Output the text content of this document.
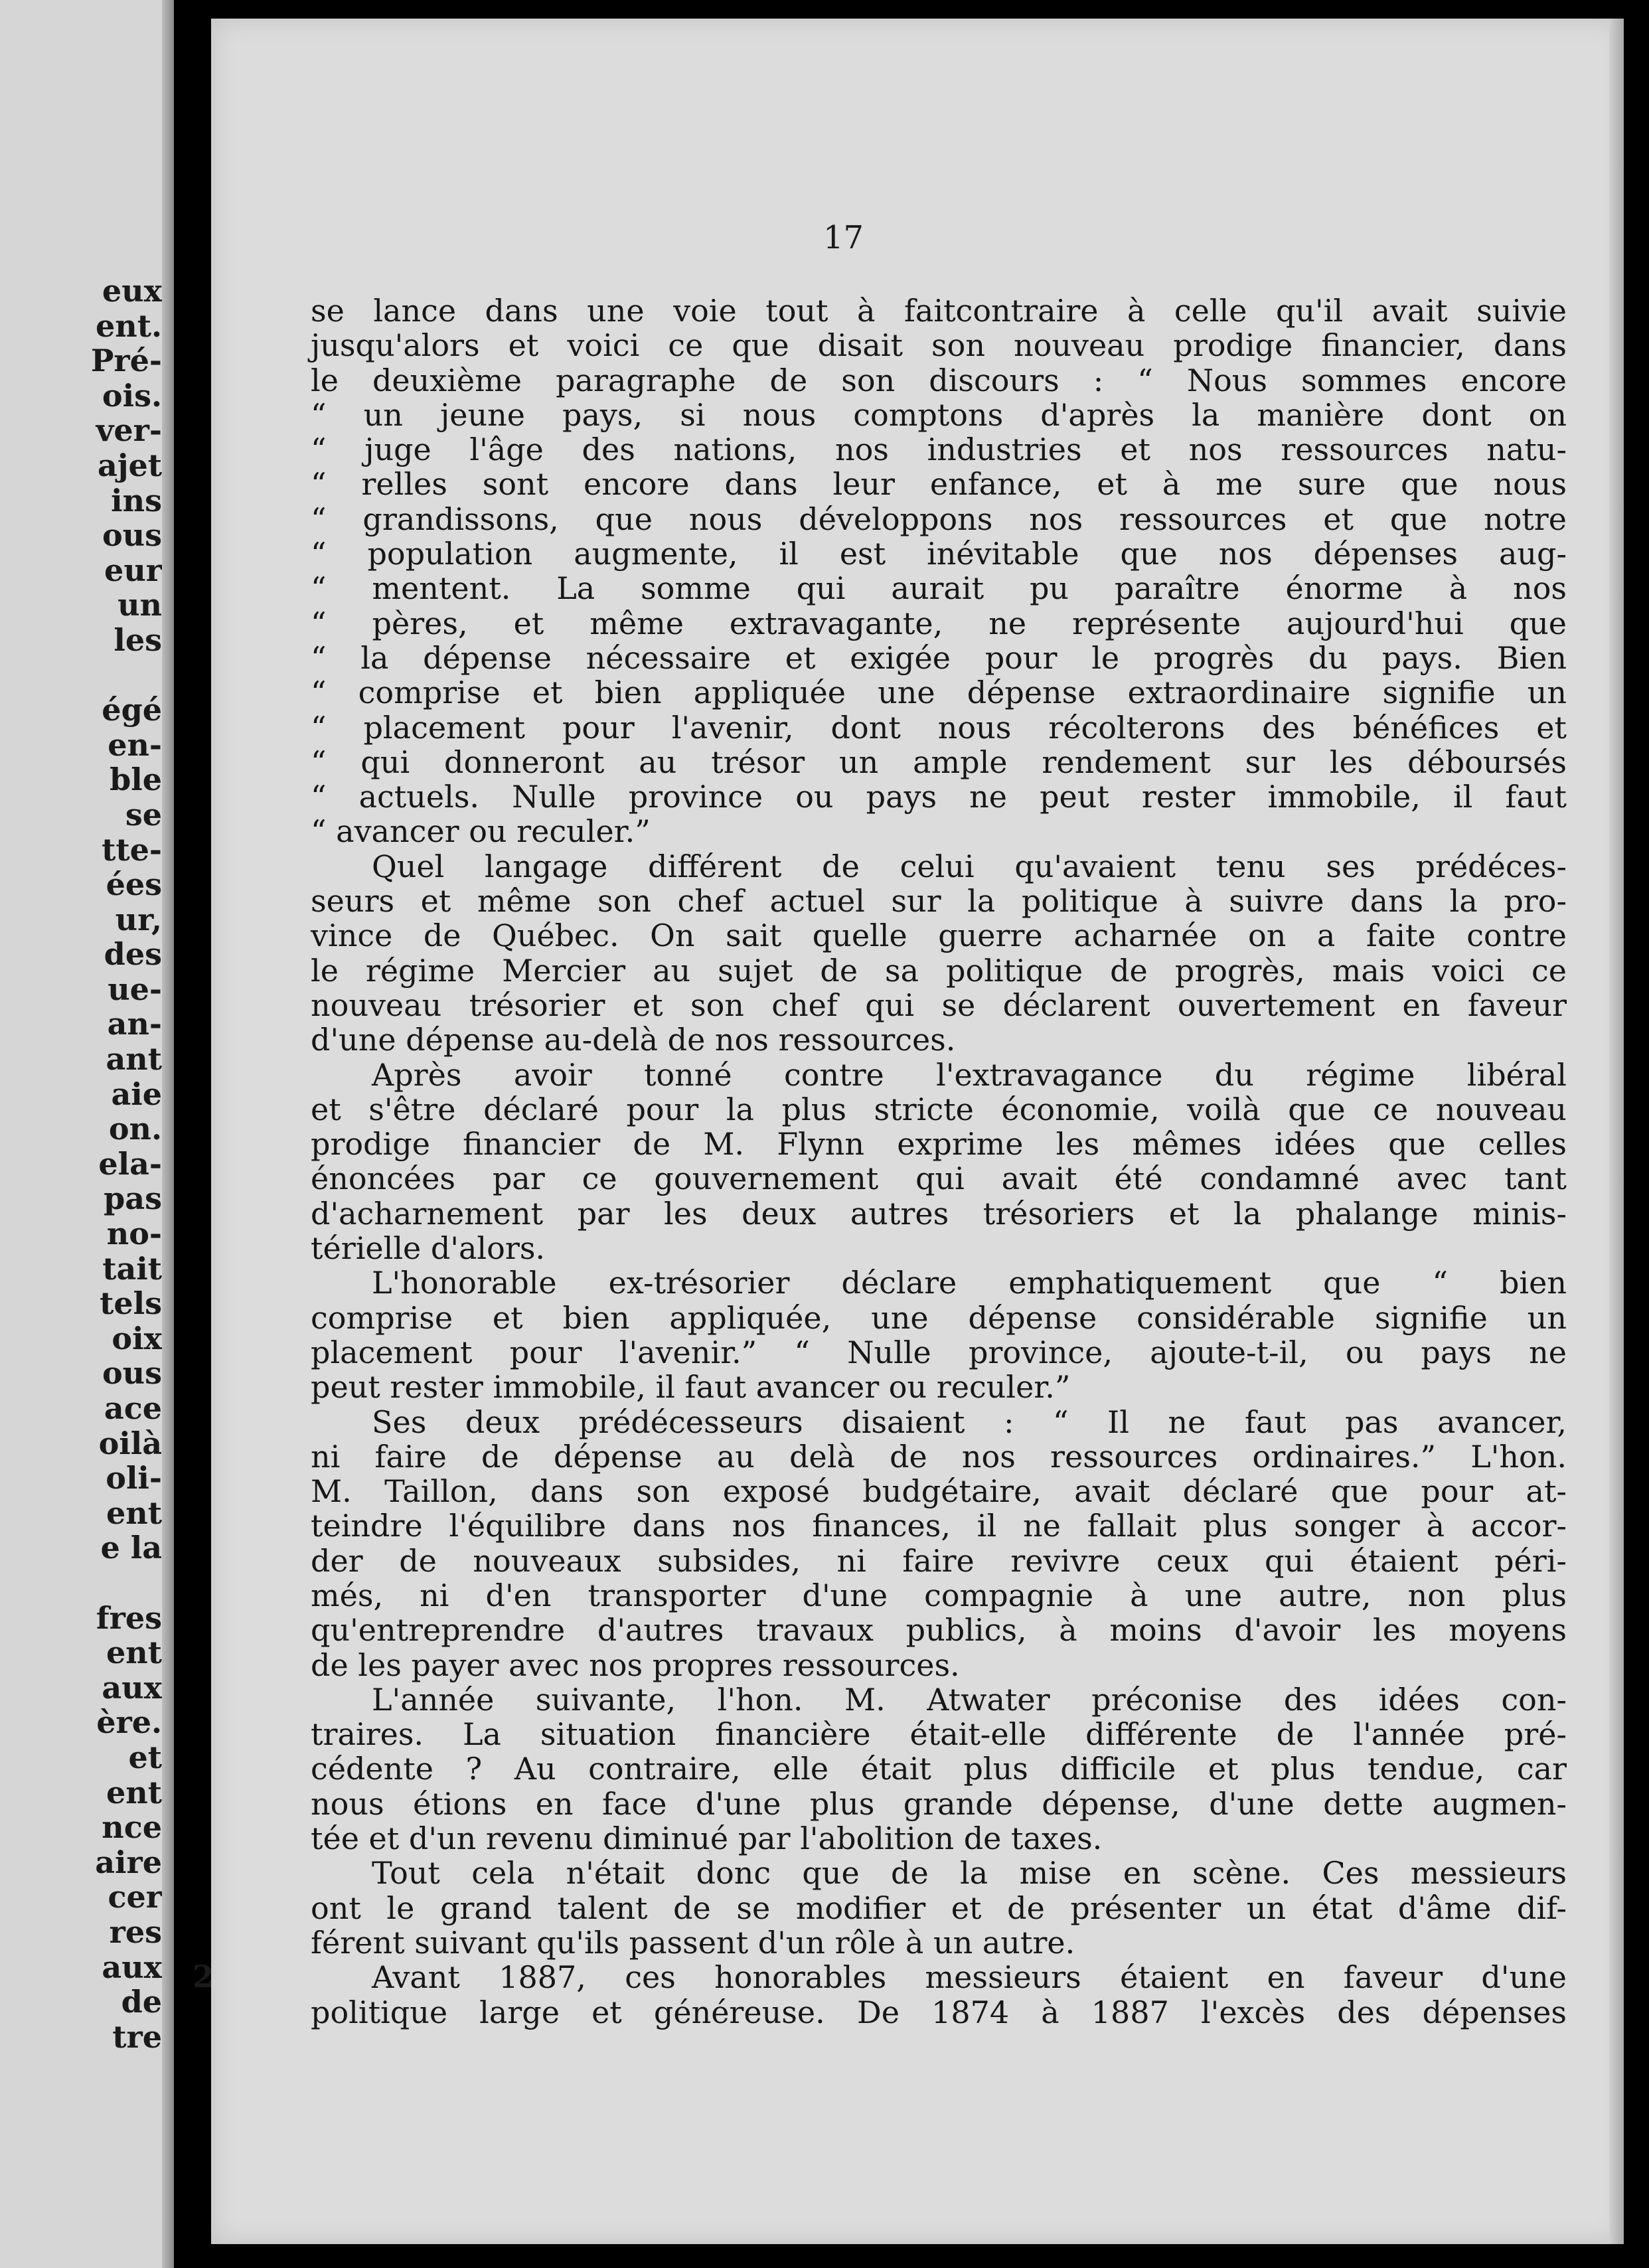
eux
ent.
Pré-
ois.
ver-
ajet
ins
ous
eur
un
les
égé
en-
ble
se
tte-
ées
ur,
des
ue-
an-
ant
aie
on.
ela-
pas
no-
tait
tels
oix
ous
ace
oilà
oli-
ent
e la
fres
ent
aux
ère.
et
ent
nce
aire
cer
res
aux
de
tre
17
se lance dans une voie tout à faitcontraire à celle qu'il avait suivie
jusqu'alors et voici ce que disait son nouveau prodige financier, dans
le deuxième paragraphe de son discours : “ Nous sommes encore
“ un jeune pays, si nous comptons d'après la manière dont on
“ juge l'âge des nations, nos industries et nos ressources natu-
“ relles sont encore dans leur enfance, et à me sure que nous
“ grandissons, que nous développons nos ressources et que notre
“ population augmente, il est inévitable que nos dépenses aug-
“ mentent. La somme qui aurait pu paraître énorme à nos
“ pères, et même extravagante, ne représente aujourd'hui que
“ la dépense nécessaire et exigée pour le progrès du pays. Bien
“ comprise et bien appliquée une dépense extraordinaire signifie un
“ placement pour l'avenir, dont nous récolterons des bénéfices et
“ qui donneront au trésor un ample rendement sur les déboursés
“ actuels. Nulle province ou pays ne peut rester immobile, il faut
“ avancer ou reculer.”
Quel langage différent de celui qu'avaient tenu ses prédéces-
seurs et même son chef actuel sur la politique à suivre dans la pro-
vince de Québec. On sait quelle guerre acharnée on a faite contre
le régime Mercier au sujet de sa politique de progrès, mais voici ce
nouveau trésorier et son chef qui se déclarent ouvertement en faveur
d'une dépense au-delà de nos ressources.
Après avoir tonné contre l'extravagance du régime libéral
et s'être déclaré pour la plus stricte économie, voilà que ce nouveau
prodige financier de M. Flynn exprime les mêmes idées que celles
énoncées par ce gouvernement qui avait été condamné avec tant
d'acharnement par les deux autres trésoriers et la phalange minis-
térielle d'alors.
L'honorable ex-trésorier déclare emphatiquement que “ bien
comprise et bien appliquée, une dépense considérable signifie un
placement pour l'avenir.” “ Nulle province, ajoute-t-il, ou pays ne
peut rester immobile, il faut avancer ou reculer.”
Ses deux prédécesseurs disaient : “ Il ne faut pas avancer,
ni faire de dépense au delà de nos ressources ordinaires.” L'hon.
M. Taillon, dans son exposé budgétaire, avait déclaré que pour at-
teindre l'équilibre dans nos finances, il ne fallait plus songer à accor-
der de nouveaux subsides, ni faire revivre ceux qui étaient péri-
més, ni d'en transporter d'une compagnie à une autre, non plus
qu'entreprendre d'autres travaux publics, à moins d'avoir les moyens
de les payer avec nos propres ressources.
L'année suivante, l'hon. M. Atwater préconise des idées con-
traires. La situation financière était-elle différente de l'année pré-
cédente ? Au contraire, elle était plus difficile et plus tendue, car
nous étions en face d'une plus grande dépense, d'une dette augmen-
tée et d'un revenu diminué par l'abolition de taxes.
Tout cela n'était donc que de la mise en scène. Ces messieurs
ont le grand talent de se modifier et de présenter un état d'âme dif-
férent suivant qu'ils passent d'un rôle à un autre.
Avant 1887, ces honorables messieurs étaient en faveur d'une
politique large et généreuse. De 1874 à 1887 l'excès des dépenses
2
